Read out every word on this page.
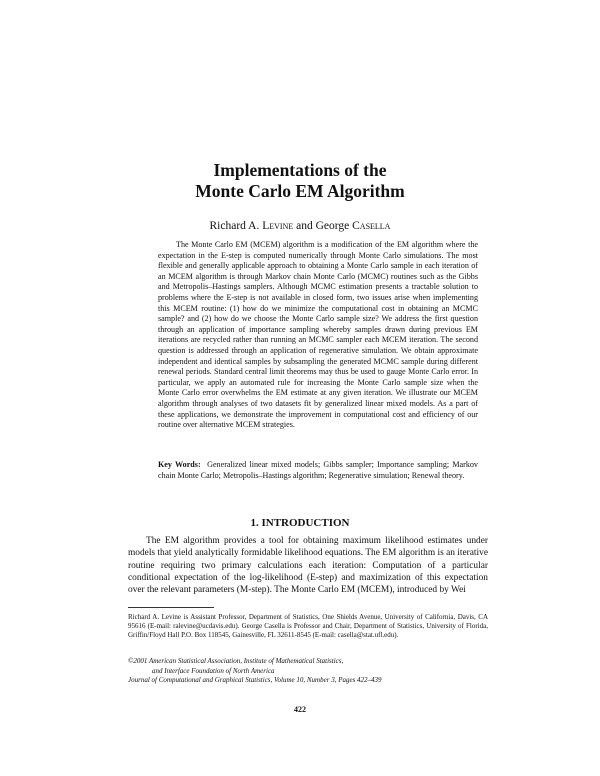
Implementations of the
Monte Carlo EM Algorithm
Richard A. Levine and George Casella

The Monte Carlo EM (MCEM) algorithm is a modification of the EM algorithm where the expectation in the E-step is computed numerically through Monte Carlo simulations. The most flexible and generally applicable approach to obtaining a Monte Carlo sample in each iteration of an MCEM algorithm is through Markov chain Monte Carlo (MCMC) routines such as the Gibbs and Metropolis–Hastings samplers. Although MCMC estimation presents a tractable solution to problems where the E-step is not available in closed form, two issues arise when implementing this MCEM routine: (1) how do we minimize the computational cost in obtaining an MCMC sample? and (2) how do we choose the Monte Carlo sample size? We address the first question through an application of importance sampling whereby samples drawn during previous EM iterations are recycled rather than running an MCMC sampler each MCEM iteration. The second question is addressed through an application of regenerative simulation. We obtain approximate independent and identical samples by subsampling the generated MCMC sample during different renewal periods. Standard central limit theorems may thus be used to gauge Monte Carlo error. In particular, we apply an automated rule for increasing the Monte Carlo sample size when the Monte Carlo error overwhelms the EM estimate at any given iteration. We illustrate our MCEM algorithm through analyses of two datasets fit by generalized linear mixed models. As a part of these applications, we demonstrate the improvement in computational cost and efficiency of our routine over alternative MCEM strategies.

Key Words: Generalized linear mixed models; Gibbs sampler; Importance sampling; Markov chain Monte Carlo; Metropolis–Hastings algorithm; Regenerative simulation; Renewal theory.

1. INTRODUCTION

The EM algorithm provides a tool for obtaining maximum likelihood estimates under models that yield analytically formidable likelihood equations. The EM algorithm is an iterative routine requiring two primary calculations each iteration: Computation of a particular conditional expectation of the log-likelihood (E-step) and maximization of this expectation over the relevant parameters (M-step). The Monte Carlo EM (MCEM), introduced by Wei

Richard A. Levine is Assistant Professor, Department of Statistics, One Shields Avenue, University of California, Davis, CA 95616 (E-mail: ralevine@ucdavis.edu). George Casella is Professor and Chair, Department of Statistics, University of Florida, Griffin/Floyd Hall P.O. Box 118545, Gainesville, FL 32611-8545 (E-mail: casella@stat.ufl.edu).

©2001 American Statistical Association, Institute of Mathematical Statistics,
and Interface Foundation of North America
Journal of Computational and Graphical Statistics, Volume 10, Number 3, Pages 422–439
422
